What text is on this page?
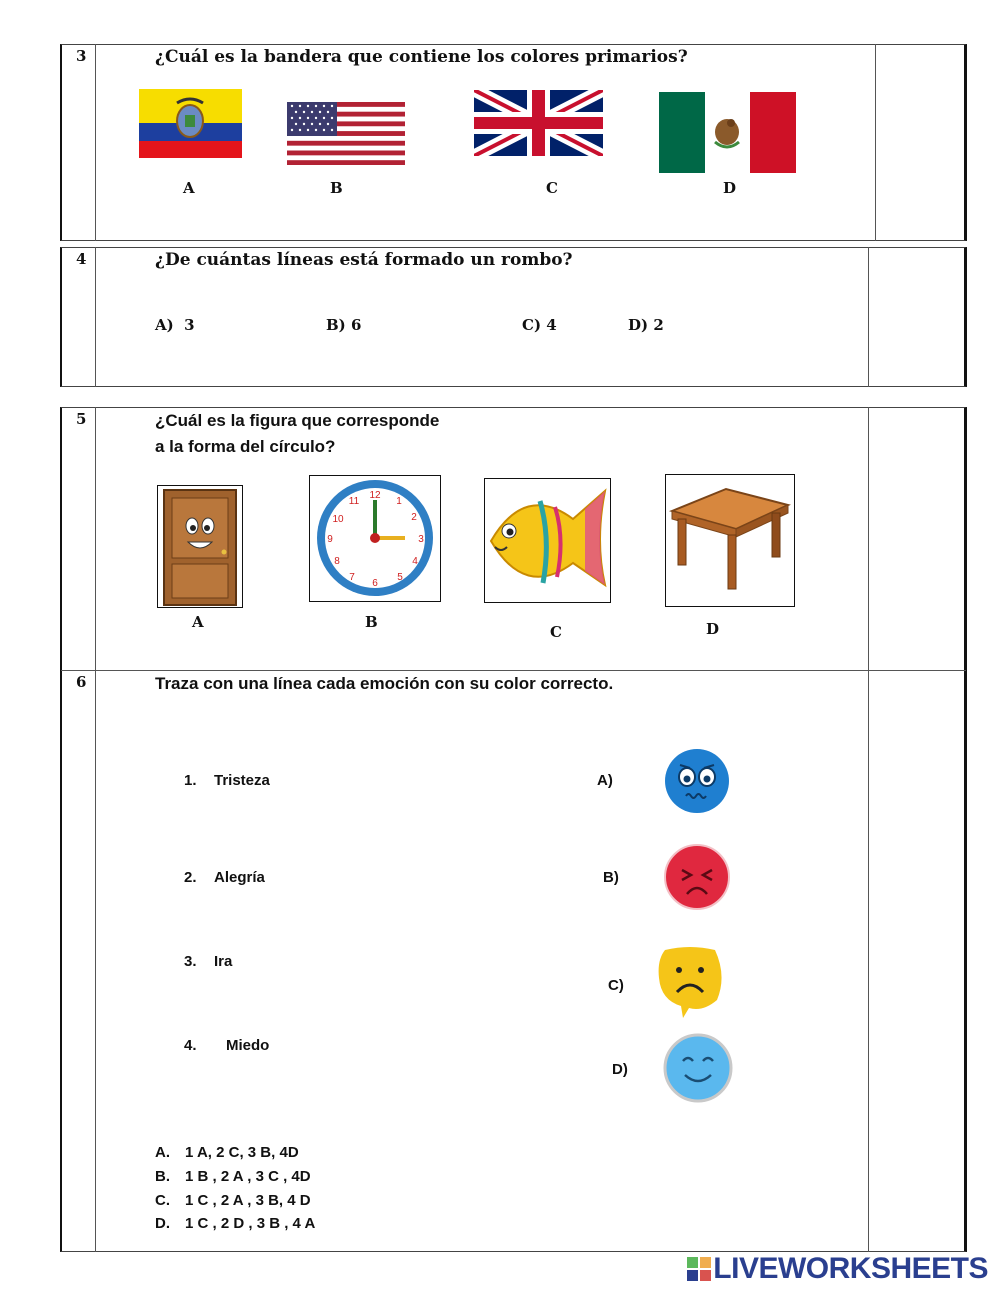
3	¿Cuál es la bandera que contiene los colores primarios?
A	B	C	D
4	¿De cuántas líneas está formado un rombo?
A)  3	B) 6	C) 4	D) 2
5	¿Cuál es la figura que corresponde
a la forma del círculo?
12
1
2
3
4
5
6
7
8
9
10
11
A	B
C	D
6	Traza con una línea cada emoción con su color correcto.
1. Tristeza
2. Alegría
3. Ira
4. Miedo
A)
B)
C)
D)
A. 1 A, 2 C, 3 B, 4D
B. 1 B , 2 A , 3 C , 4D
C. 1 C , 2 A , 3 B, 4 D
D. 1 C , 2 D , 3 B , 4 A
LIVEWORKSHEETS
